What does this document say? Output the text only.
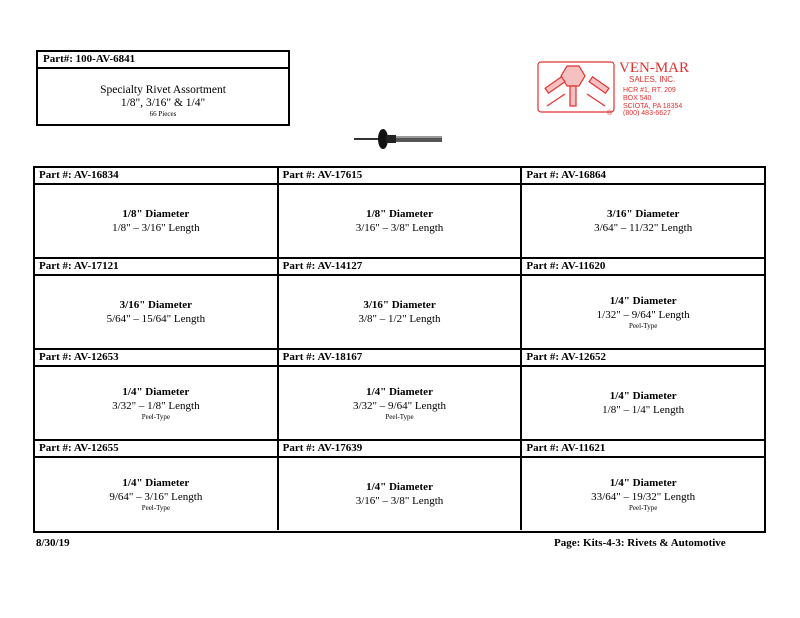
Part#: 100-AV-6841
Specialty Rivet Assortment
1/8", 3/16" & 1/4"
66 Pieces
VEN-MAR
SALES, INC.
HCR #1, RT. 209
BOX 540
SCIOTA, PA 18354
(800) 483-6627
®
Part #: AV-16834
1/8" Diameter
1/8" – 3/16" Length
Part #: AV-17615
1/8" Diameter
3/16" – 3/8" Length
Part #: AV-16864
3/16" Diameter
3/64" – 11/32" Length
Part #: AV-17121
3/16" Diameter
5/64" – 15/64" Length
Part #: AV-14127
3/16" Diameter
3/8" – 1/2" Length
Part #: AV-11620
1/4" Diameter
1/32" – 9/64" Length
Peel-Type
Part #: AV-12653
1/4" Diameter
3/32" – 1/8" Length
Peel-Type
Part #: AV-18167
1/4" Diameter
3/32" – 9/64" Length
Peel-Type
Part #: AV-12652
1/4" Diameter
1/8" – 1/4" Length
Part #: AV-12655
1/4" Diameter
9/64" – 3/16" Length
Peel-Type
Part #: AV-17639
1/4" Diameter
3/16" – 3/8" Length
Part #: AV-11621
1/4" Diameter
33/64" – 19/32" Length
Peel-Type
8/30/19	Page: Kits-4-3: Rivets & Automotive
